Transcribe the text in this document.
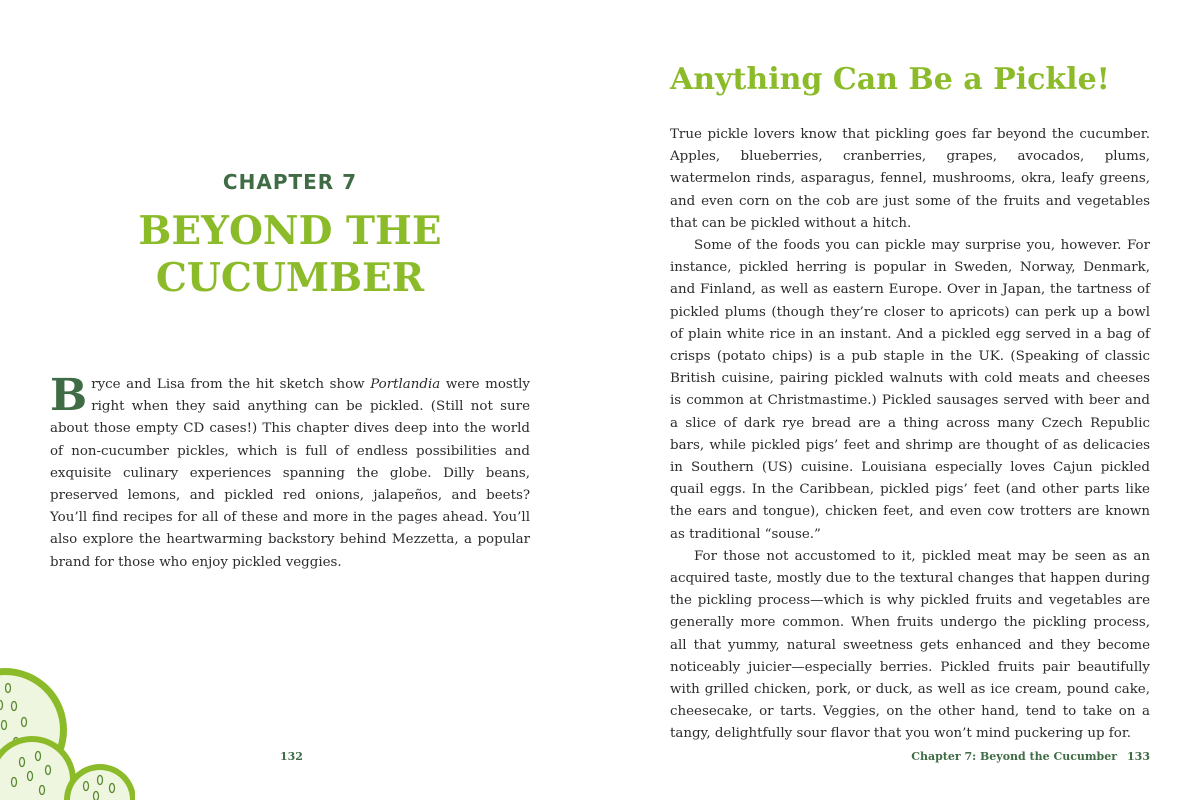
CHAPTER 7
BEYOND THE
CUCUMBER

Bryce and Lisa from the hit sketch show Portlandia were mostly right when they said anything can be pickled. (Still not sure about those empty CD cases!) This chapter dives deep into the world of non-cucumber pickles, which is full of endless possibilities and exquisite culinary experiences spanning the globe. Dilly beans, preserved lemons, and pickled red onions, jalapeños, and beets? You’ll find recipes for all of these and more in the pages ahead. You’ll also explore the heartwarming backstory behind Mezzetta, a popular brand for those who enjoy pickled veggies.

132
Anything Can Be a Pickle!

True pickle lovers know that pickling goes far beyond the cucumber. Apples, blueberries, cranberries, grapes, avocados, plums, watermelon rinds, asparagus, fennel, mushrooms, okra, leafy greens, and even corn on the cob are just some of the fruits and vegetables that can be pickled without a hitch.

Some of the foods you can pickle may surprise you, however. For instance, pickled herring is popular in Sweden, Norway, Denmark, and Finland, as well as eastern Europe. Over in Japan, the tartness of pickled plums (though they’re closer to apricots) can perk up a bowl of plain white rice in an instant. And a pickled egg served in a bag of crisps (potato chips) is a pub staple in the UK. (Speaking of classic British cuisine, pairing pickled walnuts with cold meats and cheeses is common at Christmastime.) Pickled sausages served with beer and a slice of dark rye bread are a thing across many Czech Republic bars, while pickled pigs’ feet and shrimp are thought of as delicacies in Southern (US) cuisine. Louisiana especially loves Cajun pickled quail eggs. In the Caribbean, pickled pigs’ feet (and other parts like the ears and tongue), chicken feet, and even cow trotters are known as traditional “souse.”

For those not accustomed to it, pickled meat may be seen as an acquired taste, mostly due to the textural changes that happen during the pickling process—which is why pickled fruits and vegetables are generally more common. When fruits undergo the pickling process, all that yummy, natural sweetness gets enhanced and they become noticeably juicier—especially berries. Pickled fruits pair beautifully with grilled chicken, pork, or duck, as well as ice cream, pound cake, cheesecake, or tarts. Veggies, on the other hand, tend to take on a tangy, delightfully sour flavor that you won’t mind puckering up for.

Chapter 7: Beyond the Cucumber 133
